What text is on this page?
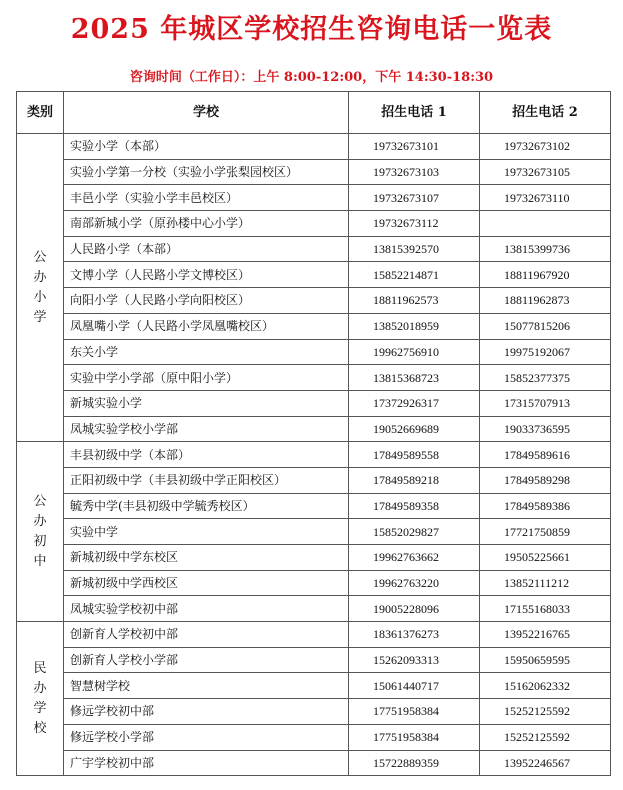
2025 年城区学校招生咨询电话一览表
咨询时间（工作日）：上午 8:00-12:00，下午 14:30-18:30
类别	学校	招生电话 1	招生电话 2
公办小学	实验小学（本部）	19732673101	19732673102
	实验小学第一分校（实验小学张梨园校区）	19732673103	19732673105
	丰邑小学（实验小学丰邑校区）	19732673107	19732673110
	南部新城小学（原孙楼中心小学）	19732673112	
	人民路小学（本部）	13815392570	13815399736
	文博小学（人民路小学文博校区）	15852214871	18811967920
	向阳小学（人民路小学向阳校区）	18811962573	18811962873
	凤凰嘴小学（人民路小学凤凰嘴校区）	13852018959	15077815206
	东关小学	19962756910	19975192067
	实验中学小学部（原中阳小学）	13815368723	15852377375
	新城实验小学	17372926317	17315707913
	凤城实验学校小学部	19052669689	19033736595
公办初中	丰县初级中学（本部）	17849589558	17849589616
	正阳初级中学（丰县初级中学正阳校区）	17849589218	17849589298
	毓秀中学(丰县初级中学毓秀校区）	17849589358	17849589386
	实验中学	15852029827	17721750859
	新城初级中学东校区	19962763662	19505225661
	新城初级中学西校区	19962763220	13852111212
	凤城实验学校初中部	19005228096	17155168033
民办学校	创新育人学校初中部	18361376273	13952216765
	创新育人学校小学部	15262093313	15950659595
	智慧树学校	15061440717	15162062332
	修远学校初中部	17751958384	15252125592
	修远学校小学部	17751958384	15252125592
	广宇学校初中部	15722889359	13952246567
